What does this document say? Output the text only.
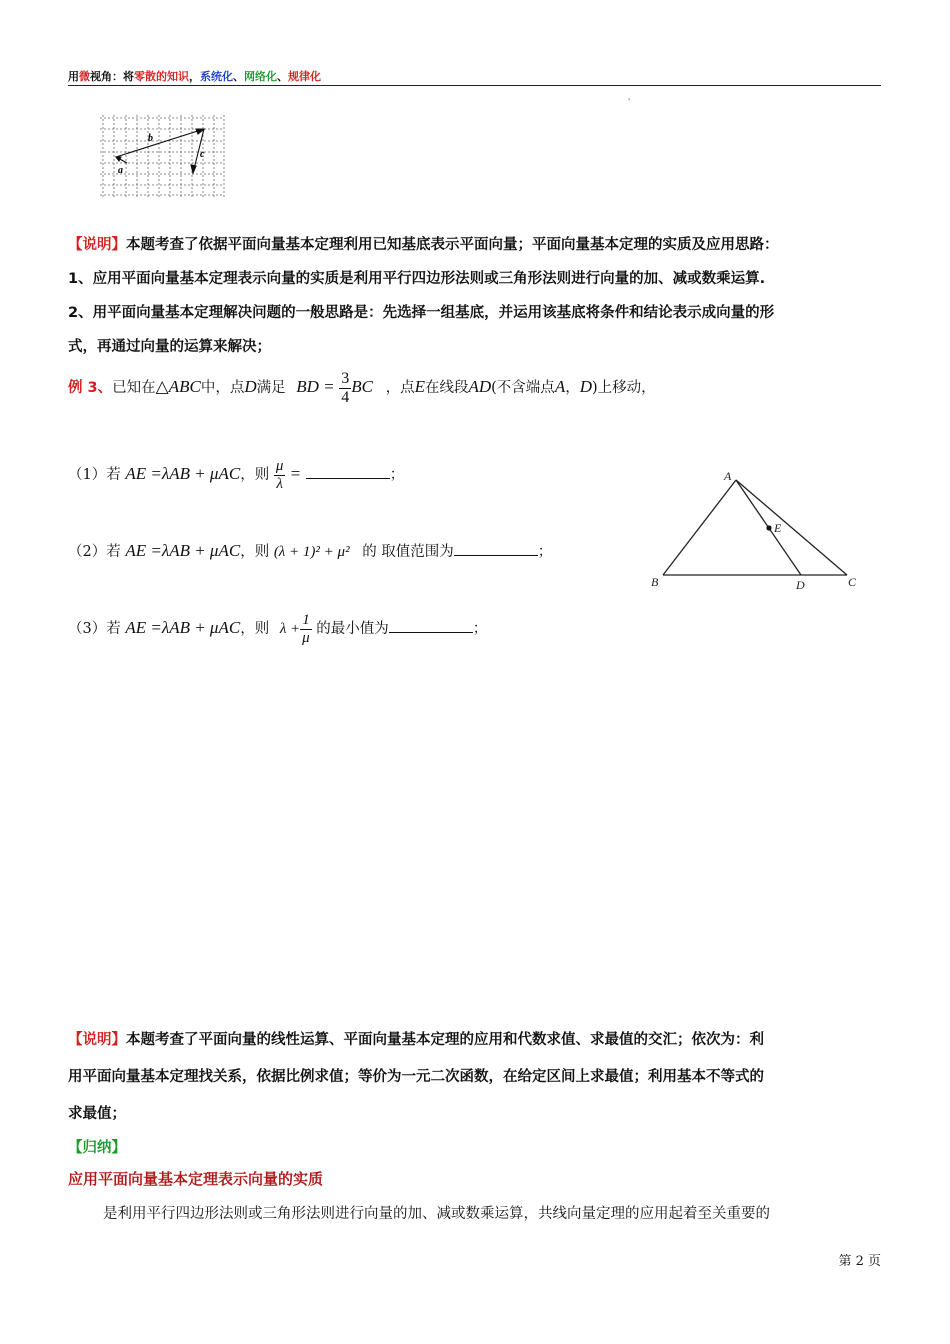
用微视角：将零散的知识，系统化、网络化、规律化
'
b
c
a
【说明】本题考查了依据平面向量基本定理利用已知基底表示平面向量；平面向量基本定理的实质及应用思路：
1、应用平面向量基本定理表示向量的实质是利用平行四边形法则或三角形法则进行向量的加、减或数乘运算.
2、用平面向量基本定理解决问题的一般思路是：先选择一组基底，并运用该基底将条件和结论表示成向量的形
式，再通过向量的运算来解决；
例 3、已知在△ABC中，点D满足 BD = $\frac{3}{4}$ BC ，点E在线段AD(不含端点A，D)上移动，
（1）若 AE =λAB + μAC，则 $\frac{\mu}{\lambda}$ =	；
（2）若 AE =λAB + μAC，则 (λ + 1)² + μ² 的 取值范围为	；
（3）若 AE =λAB + μAC，则 $\lambda + \frac{1}{\mu}$ 的最小值为	；
A
B	C
D
E
【说明】本题考查了平面向量的线性运算、平面向量基本定理的应用和代数求值、求最值的交汇；依次为：利
用平面向量基本定理找关系，依据比例求值；等价为一元二次函数，在给定区间上求最值；利用基本不等式的
求最值；
【归纳】
应用平面向量基本定理表示向量的实质
是利用平行四边形法则或三角形法则进行向量的加、减或数乘运算，共线向量定理的应用起着至关重要的
第 2 页
